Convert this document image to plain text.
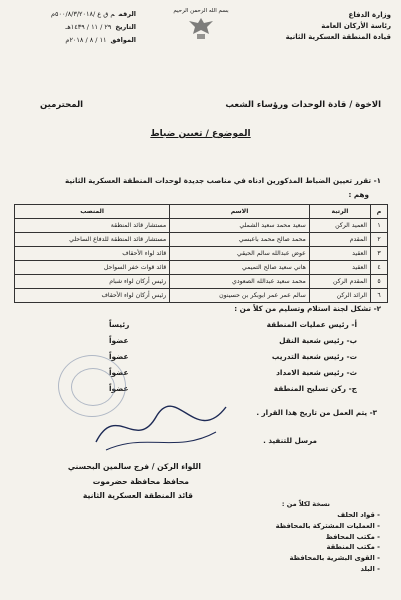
وزارة الدفاع
رئاسة الأركان العامة
قيادة المنطقة العسكرية الثانية
بسم الله الرحمن الرحيم
الرقمم ق ع /٥٠٠/٨/٣/٢٠١٨م
التاريخ٢٩ / ١١ / ١٤٣٩هـ
الموافق١١ / ٨ / ٢٠١٨م
الاخوة / قادة الوحدات ورؤساء الشعب
المحترمين
الموضوع / تعيين ضباط
١- تقرر تعيين الضباط المذكورين ادناه في مناصب جديدة لوحدات المنطقة العسكرية الثانية
وهم :
م	الرتبة	الاسم	المنصب
١	العميد الركن	سعيد محمد سعيد الشملي	مستشار قائد المنطقة
٢	المقدم	محمد صالح محمد باعبسي	مستشار قائد المنطقة للدفاع الساحلي
٣	العقيد	عوض عبدالله سالم الحيقي	قائد لواء الأحقاف
٤	العقيد	هاني سعيد صالح التميمي	قائد قوات خفر السواحل
٥	المقدم الركن	محمد سعيد عبدالله الصعودي	رئيس أركان لواء شبام
٦	الرائد الركن	سالم عمر عمر ابوبكر بن حسينون	رئيس أركان لواء الأحقاف
٢- تشكل لجنة استلام وتسليم من كلاً من :
أ- رئيس عمليات المنطقة
رئيساً
ب- رئيس شعبة النقل
عضواً
ت- رئيس شعبة التدريب
عضواً
ث- رئيس شعبة الامداد
عضواً
ج- ركن تسليح المنطقة
عضواً
٣- يتم العمل من تاريخ هذا القرار .
مرسل للتنفيذ .
اللواء الركن / فرج سالمين البحسني
محافظ محافظة حضرموت
قائد المنطقة العسكرية الثانية
نسخة لكلاً من :
- قواد الحلف
- العمليات المشتركة بالمحافظة
- مكتب المحافظ
- مكتب المنطقة
- القوى البشرية بالمحافظة
- البلد
